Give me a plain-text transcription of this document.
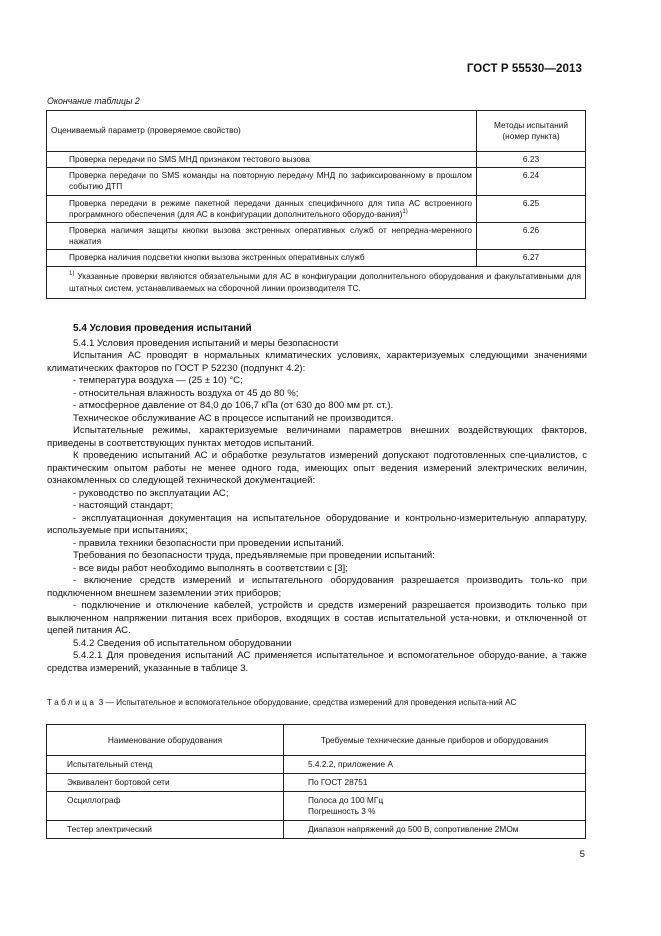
ГОСТ Р 55530—2013
Окончание таблицы 2
Оцениваемый параметр (проверяемое свойство)	Методы испытаний
(номер пункта)
Проверка передачи по SMS МНД признаком тестового вызова	6.23
Проверка передачи по SMS команды на повторную передачу МНД по зафиксированному в прошлом событию ДТП	6.24
Проверка передачи в режиме пакетной передачи данных специфичного для типа АС встроенного программного обеспечения (для АС в конфигурации дополнительного оборудо-вания)$^{1)}$	6.25
Проверка наличия защиты кнопки вызова экстренных оперативных служб от непредна-меренного нажатия	6.26
Проверка наличия подсветки кнопки вызова экстренных оперативных служб	6.27
$^{1)}$ Указанные проверки являются обязательными для АС в конфигурации дополнительного оборудования и факультативными для штатных систем, устанавливаемых на сборочной линии производителя ТС.	

5.4 Условия проведения испытаний

5.4.1 Условия проведения испытаний и меры безопасности

Испытания АС проводят в нормальных климатических условиях, характеризуемых следующими значениями климатических факторов по ГОСТ Р 52230 (подпункт 4.2):

- температура воздуха — (25 ± 10) °С;

- относительная влажность воздуха от 45 до 80 %;

- атмосферное давление от 84,0 до 106,7 кПа (от 630 до 800 мм рт. ст.).

Техническое обслуживание АС в процессе испытаний не производится.

Испытательные режимы, характеризуемые величинами параметров внешних воздействующих факторов, приведены в соответствующих пунктах методов испытаний.

К проведению испытаний АС и обработке результатов измерений допускают подготовленных спе-циалистов, с практическим опытом работы не менее одного года, имеющих опыт ведения измерений электрических величин, ознакомленных со следующей технической документацией:

- руководство по эксплуатации АС;

- настоящий стандарт;

- эксплуатационная документация на испытательное оборудование и контрольно-измерительную аппаратуру, используемые при испытаниях;

- правила техники безопасности при проведении испытаний.

Требования по безопасности труда, предъявляемые при проведении испытаний:

- все виды работ необходимо выполнять в соответствии с [3];

- включение средств измерений и испытательного оборудования разрешается производить толь-ко при подключенном внешнем заземлении этих приборов;

- подключение и отключение кабелей, устройств и средств измерений разрешается производить только при выключенном напряжении питания всех приборов, входящих в состав испытательной уста-новки, и отключенной от цепей питания АС.

5.4.2 Сведения об испытательном оборудовании

5.4.2.1 Для проведения испытаний АС применяется испытательное и вспомогательное оборудо-вание, а также средства измерений, указанные в таблице 3.

Таблица 3 — Испытательное и вспомогательное оборудование, средства измерений для проведения испыта-ний АС
Наименование оборудования	Требуемые технические данные приборов и оборудования
Испытательный стенд	5.4.2.2, приложение А
Эквивалент бортовой сети	По ГОСТ 28751
Осциллограф	Полоса до 100 МГц
Погрешность 3 %
Тестер электрический	Диапазон напряжений до 500 В, сопротивление 2МОм
5
